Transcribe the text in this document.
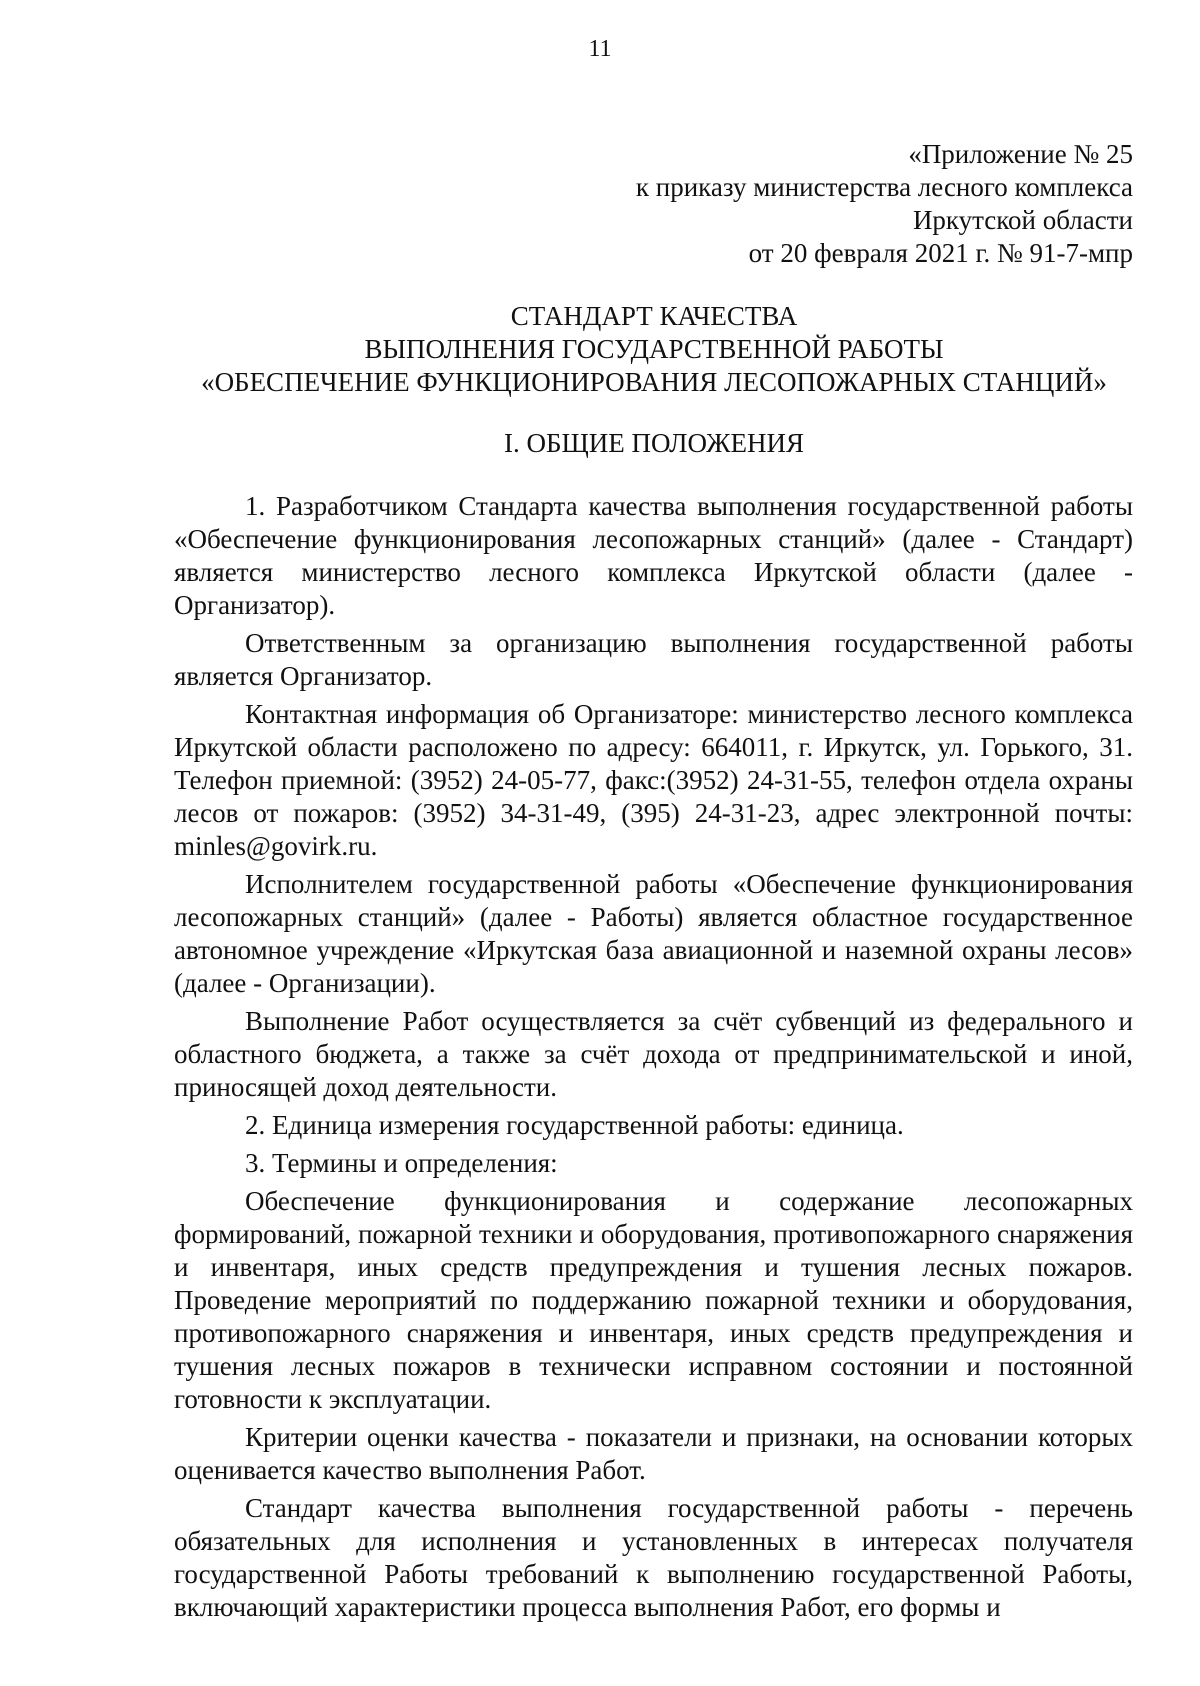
11
«Приложение № 25
к приказу министерства лесного комплекса
Иркутской области
от 20 февраля 2021 г. № 91-7-мпр
СТАНДАРТ КАЧЕСТВА
ВЫПОЛНЕНИЯ ГОСУДАРСТВЕННОЙ РАБОТЫ
«ОБЕСПЕЧЕНИЕ ФУНКЦИОНИРОВАНИЯ ЛЕСОПОЖАРНЫХ СТАНЦИЙ»
I. ОБЩИЕ ПОЛОЖЕНИЯ

1. Разработчиком Стандарта качества выполнения государственной работы «Обеспечение функционирования лесопожарных станций» (далее - Стандарт) является министерство лесного комплекса Иркутской области (далее - Организатор).

Ответственным за организацию выполнения государственной работы является Организатор.

Контактная информация об Организаторе: министерство лесного комплекса Иркутской области расположено по адресу: 664011, г. Иркутск, ул. Горького, 31. Телефон приемной: (3952) 24-05-77, факс:(3952) 24-31-55, телефон отдела охраны лесов от пожаров: (3952) 34-31-49, (395) 24-31-23, адрес электронной почты: minles@govirk.ru.

Исполнителем государственной работы «Обеспечение функционирования лесопожарных станций» (далее - Работы) является областное государственное автономное учреждение «Иркутская база авиационной и наземной охраны лесов» (далее - Организации).

Выполнение Работ осуществляется за счёт субвенций из федерального и областного бюджета, а также за счёт дохода от предпринимательской и иной, приносящей доход деятельности.

2. Единица измерения государственной работы: единица.

3. Термины и определения:

Обеспечение функционирования и содержание лесопожарных формирований, пожарной техники и оборудования, противопожарного снаряжения и инвентаря, иных средств предупреждения и тушения лесных пожаров. Проведение мероприятий по поддержанию пожарной техники и оборудования, противопожарного снаряжения и инвентаря, иных средств предупреждения и тушения лесных пожаров в технически исправном состоянии и постоянной готовности к эксплуатации.

Критерии оценки качества - показатели и признаки, на основании которых оценивается качество выполнения Работ.

Стандарт качества выполнения государственной работы - перечень обязательных для исполнения и установленных в интересах получателя государственной Работы требований к выполнению государственной Работы, включающий характеристики процесса выполнения Работ, его формы и
